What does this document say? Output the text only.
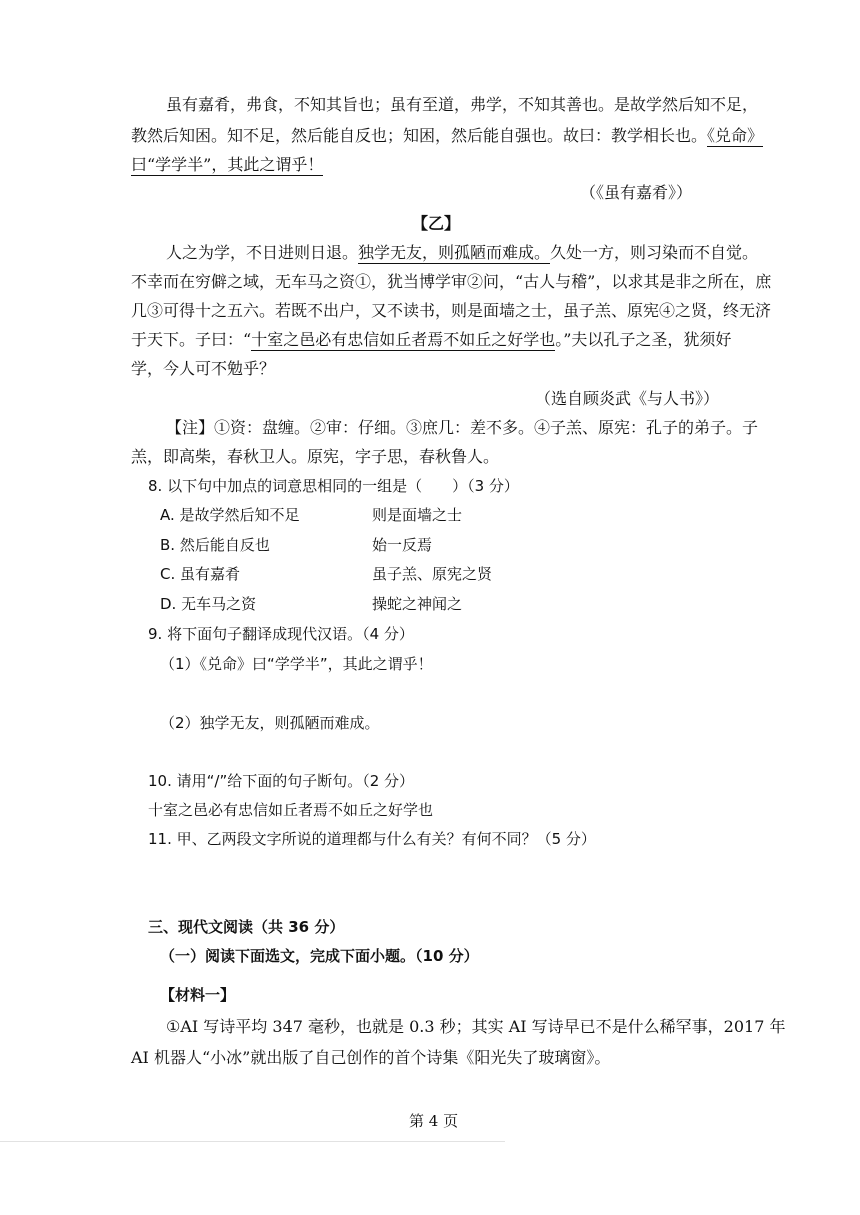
虽有嘉肴，弗食，不知其旨也；虽有至道，弗学，不知其善也。是故学然后知不足，
教然后知困。知不足，然后能自反也；知困，然后能自强也。故曰：教学相长也。《兑命》
曰“学学半”，其此之谓乎！
（《虽有嘉肴》）
【乙】
人之为学，不日进则日退。独学无友，则孤陋而难成。久处一方，则习染而不自觉。
不幸而在穷僻之域，无车马之资①，犹当博学审②问，“古人与稽”，以求其是非之所在，庶
几③可得十之五六。若既不出户，又不读书，则是面墙之士，虽子羔、原宪④之贤，终无济
于天下。子曰：“十室之邑必有忠信如丘者焉不如丘之好学也。”夫以孔子之圣，犹须好
学，今人可不勉乎？
（选自顾炎武《与人书》）
【注】①资：盘缠。②审：仔细。③庶几：差不多。④子羔、原宪：孔子的弟子。子
羔，即高柴，春秋卫人。原宪，字子思，春秋鲁人。
8. 以下句中加点的词意思相同的一组是（　　）（3 分）
A. 是故学然后知不足	则是面墙之士
B. 然后能自反也	始一反焉
C. 虽有嘉肴	虽子羔、原宪之贤
D. 无车马之资	操蛇之神闻之
9. 将下面句子翻译成现代汉语。（4 分）
（1）《兑命》曰“学学半”，其此之谓乎！
（2）独学无友，则孤陋而难成。
10. 请用“/”给下面的句子断句。（2 分）
十室之邑必有忠信如丘者焉不如丘之好学也
11. 甲、乙两段文字所说的道理都与什么有关？有何不同？（5 分）
三、现代文阅读（共 36 分）
（一）阅读下面选文，完成下面小题。（10 分）
【材料一】
①AI 写诗平均 347 毫秒，也就是 0.3 秒；其实 AI 写诗早已不是什么稀罕事，2017 年
AI 机器人“小冰”就出版了自己创作的首个诗集《阳光失了玻璃窗》。
第 4 页
